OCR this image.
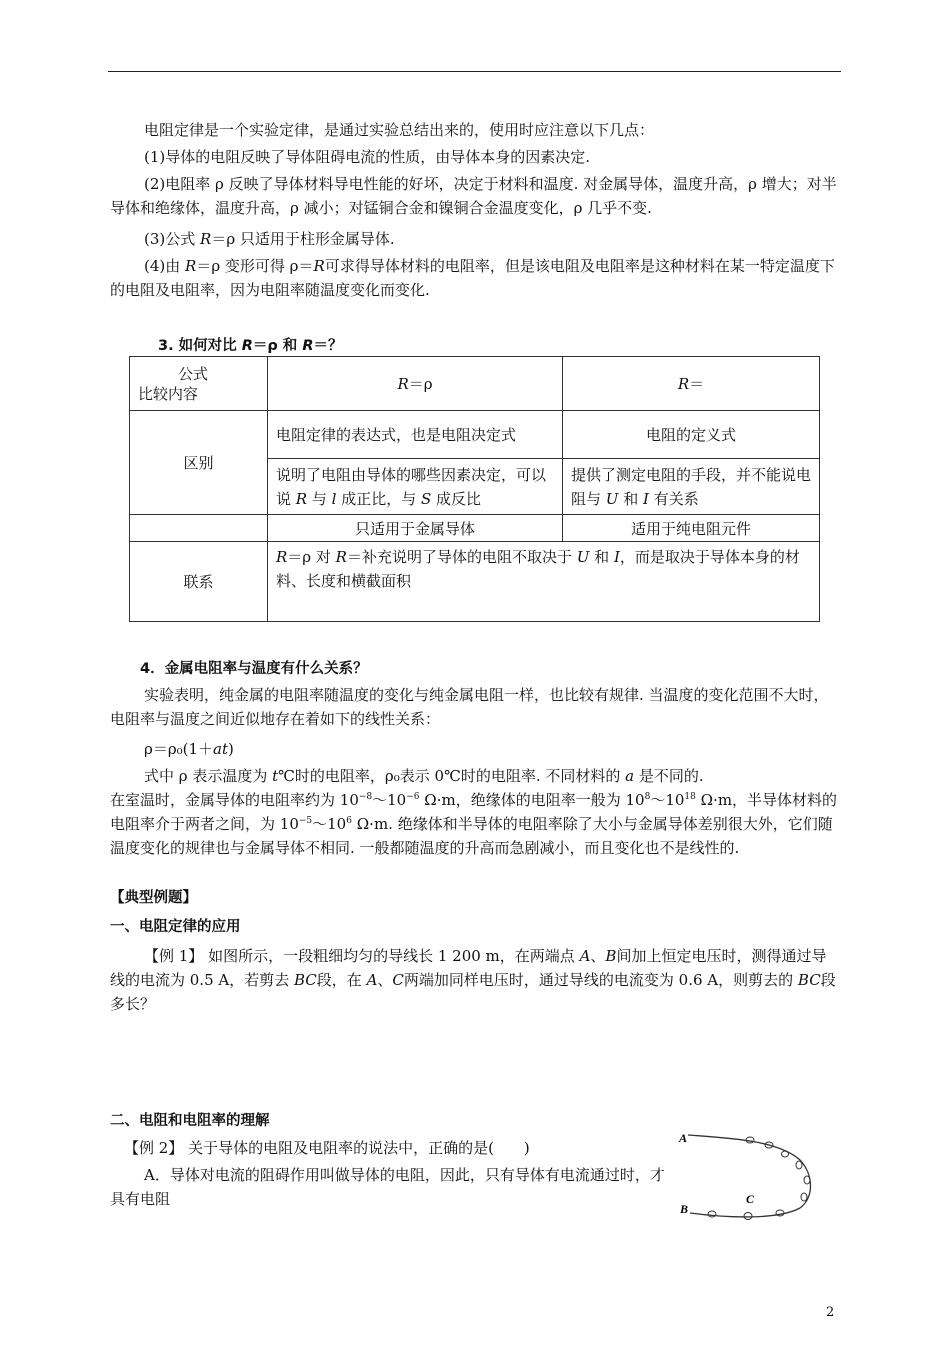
电阻定律是一个实验定律，是通过实验总结出来的，使用时应注意以下几点：

(1)导体的电阻反映了导体阻碍电流的性质，由导体本身的因素决定.

(2)电阻率 ρ 反映了导体材料导电性能的好坏，决定于材料和温度. 对金属导体，温度升高，ρ 增大；对半导体和绝缘体，温度升高，ρ 减小；对锰铜合金和镍铜合金温度变化，ρ 几乎不变.

(3)公式 R＝ρ 只适用于柱形金属导体.

(4)由 R＝ρ 变形可得 ρ＝R可求得导体材料的电阻率，但是该电阻及电阻率是这种材料在某一特定温度下的电阻及电阻率，因为电阻率随温度变化而变化.

3. 如何对比 R＝ρ 和 R＝？

公式
比较内容	R＝ρ	R＝
区别	电阻定律的表达式，也是电阻决定式	电阻的定义式
	说明了电阻由导体的哪些因素决定，可以说 R 与 l 成正比，与 S 成反比	提供了测定电阻的手段，并不能说电阻与 U 和 I 有关系
	只适用于金属导体	适用于纯电阻元件
联系	R＝ρ 对 R＝补充说明了导体的电阻不取决于 U 和 I，而是取决于导体本身的材料、长度和横截面积	

4．金属电阻率与温度有什么关系？

实验表明，纯金属的电阻率随温度的变化与纯金属电阻一样，也比较有规律. 当温度的变化范围不大时，电阻率与温度之间近似地存在着如下的线性关系：

ρ＝ρ₀(1＋at)

式中 ρ 表示温度为 t℃时的电阻率，ρ₀表示 0℃时的电阻率. 不同材料的 a 是不同的.

在室温时，金属导体的电阻率约为 $10^{-8}\sim 10^{-6}$ Ω·m，绝缘体的电阻率一般为 $10^8\sim 10^{18}$ Ω·m，半导体材料的电阻率介于两者之间，为 $10^{-5}\sim 10^6$ Ω·m. 绝缘体和半导体的电阻率除了大小与金属导体差别很大外，它们随温度变化的规律也与金属导体不相同. 一般都随温度的升高而急剧减小，而且变化也不是线性的.

【典型例题】

一、电阻定律的应用

【例 1】 如图所示，一段粗细均匀的导线长 1 200 m，在两端点 A、B间加上恒定电压时，测得通过导线的电流为 0.5 A，若剪去 BC段，在 A、C两端加同样电压时，通过导线的电流变为 0.6 A，则剪去的 BC段多长？

二、电阻和电阻率的理解

【例 2】 关于导体的电阻及电阻率的说法中，正确的是(　　)

A．导体对电流的阻碍作用叫做导体的电阻，因此，只有导体有电流通过时，才具有电阻

A
B
C
2
